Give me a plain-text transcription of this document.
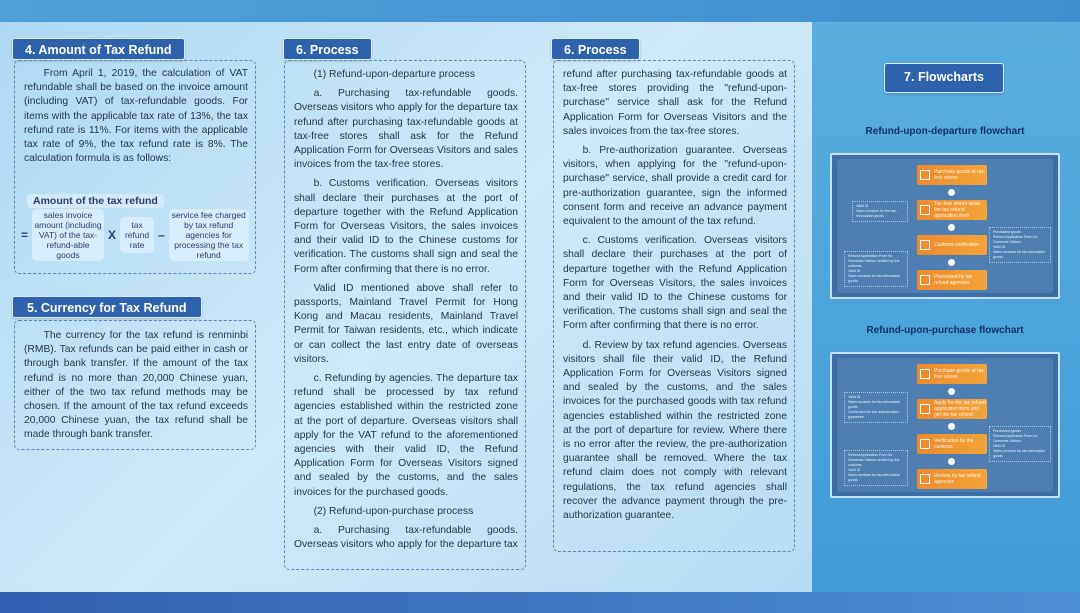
4. Amount of Tax Refund

From April 1, 2019, the calculation of VAT refundable shall be based on the invoice amount (including VAT) of tax-refundable goods. For items with the applicable tax rate of 13%, the tax refund rate is 11%. For items with the applicable tax rate of 9%, the tax refund rate is 8%. The calculation formula is as follows:

Amount of the tax refund
=
sales invoice amount (including VAT) of the tax-refund-able goods
X
tax refund rate
–
service fee charged by tax refund agencies for processing the tax refund
5. Currency for Tax Refund

The currency for the tax refund is renminbi (RMB). Tax refunds can be paid either in cash or through bank transfer. If the amount of the tax refund is no more than 20,000 Chinese yuan, either of the two tax refund methods may be chosen. If the amount of the tax refund exceeds 20,000 Chinese yuan, the tax refund shall be made through bank transfer.

6. Process

(1) Refund-upon-departure process

a. Purchasing tax-refundable goods. Overseas visitors who apply for the departure tax refund after purchasing tax-refundable goods at tax-free stores shall ask for the Refund Application Form for Overseas Visitors and sales invoices from the tax-free stores.

b. Customs verification. Overseas visitors shall declare their purchases at the port of departure together with the Refund Application Form for Overseas Visitors, the sales invoices and their valid ID to the Chinese customs for verification. The customs shall sign and seal the Form after confirming that there is no error.

Valid ID mentioned above shall refer to passports, Mainland Travel Permit for Hong Kong and Macau residents, Mainland Travel Permit for Taiwan residents, etc., which indicate or can collect the last entry date of overseas visitors.

c. Refunding by agencies. The departure tax refund shall be processed by tax refund agencies established within the restricted zone at the port of departure. Overseas visitors shall apply for the VAT refund to the aforementioned agencies with their valid ID, the Refund Application Form for Overseas Visitors signed and sealed by the customs, and the sales invoices for the purchased goods.

(2) Refund-upon-purchase process

a. Purchasing tax-refundable goods. Overseas visitors who apply for the departure tax

6. Process

refund after purchasing tax-refundable goods at tax-free stores providing the "refund-upon-purchase" service shall ask for the Refund Application Form for Overseas Visitors and the sales invoices from the tax-free stores.

b. Pre-authorization guarantee. Overseas visitors, when applying for the "refund-upon-purchase" service, shall provide a credit card for pre-authorization guarantee, sign the informed consent form and receive an advance payment equivalent to the amount of the tax refund.

c. Customs verification. Overseas visitors shall declare their purchases at the port of departure together with the Refund Application Form for Overseas Visitors, the sales invoices and their valid ID to the Chinese customs for verification. The customs shall sign and seal the Form after confirming that there is no error.

d. Review by tax refund agencies. Overseas visitors shall file their valid ID, the Refund Application Form for Overseas Visitors signed and sealed by the customs, and the sales invoices for the purchased goods with tax refund agencies established within the restricted zone at the port of departure for review. Where there is no error after the review, the pre-authorization guarantee shall be removed. Where the tax refund claim does not comply with relevant regulations, the tax refund agencies shall recover the advance payment through the pre-authorization guarantee.

7. Flowcharts
Refund-upon-departure flowchart
Purchase goods at tax-free stores
Tax-free stores issue the tax refund application form
Customs verification
Processed by tax refund agencies
Valid ID
Sales invoices for the tax-refundable goods
Purchased goods
Refund Application Form for Overseas Visitors
Valid ID
Sales invoices for tax-refundable goods
Refund Application Form for Overseas Visitors verified by the customs
Valid ID
Sales invoices for tax-refundable goods
Refund-upon-purchase flowchart
Purchase goods at tax-free stores
Apply for the tax refund application form and get the tax refund
Verification by the customs
Review by tax refund agencies
Valid ID
Sales invoices for tax-refundable goods
Credit card for pre-authorization guarantee
Purchased goods
Refund Application Form for Overseas Visitors
Valid ID
Sales invoices for tax-refundable goods
Refund Application Form for Overseas Visitors verified by the customs
Valid ID
Sales invoices for tax-refundable goods
